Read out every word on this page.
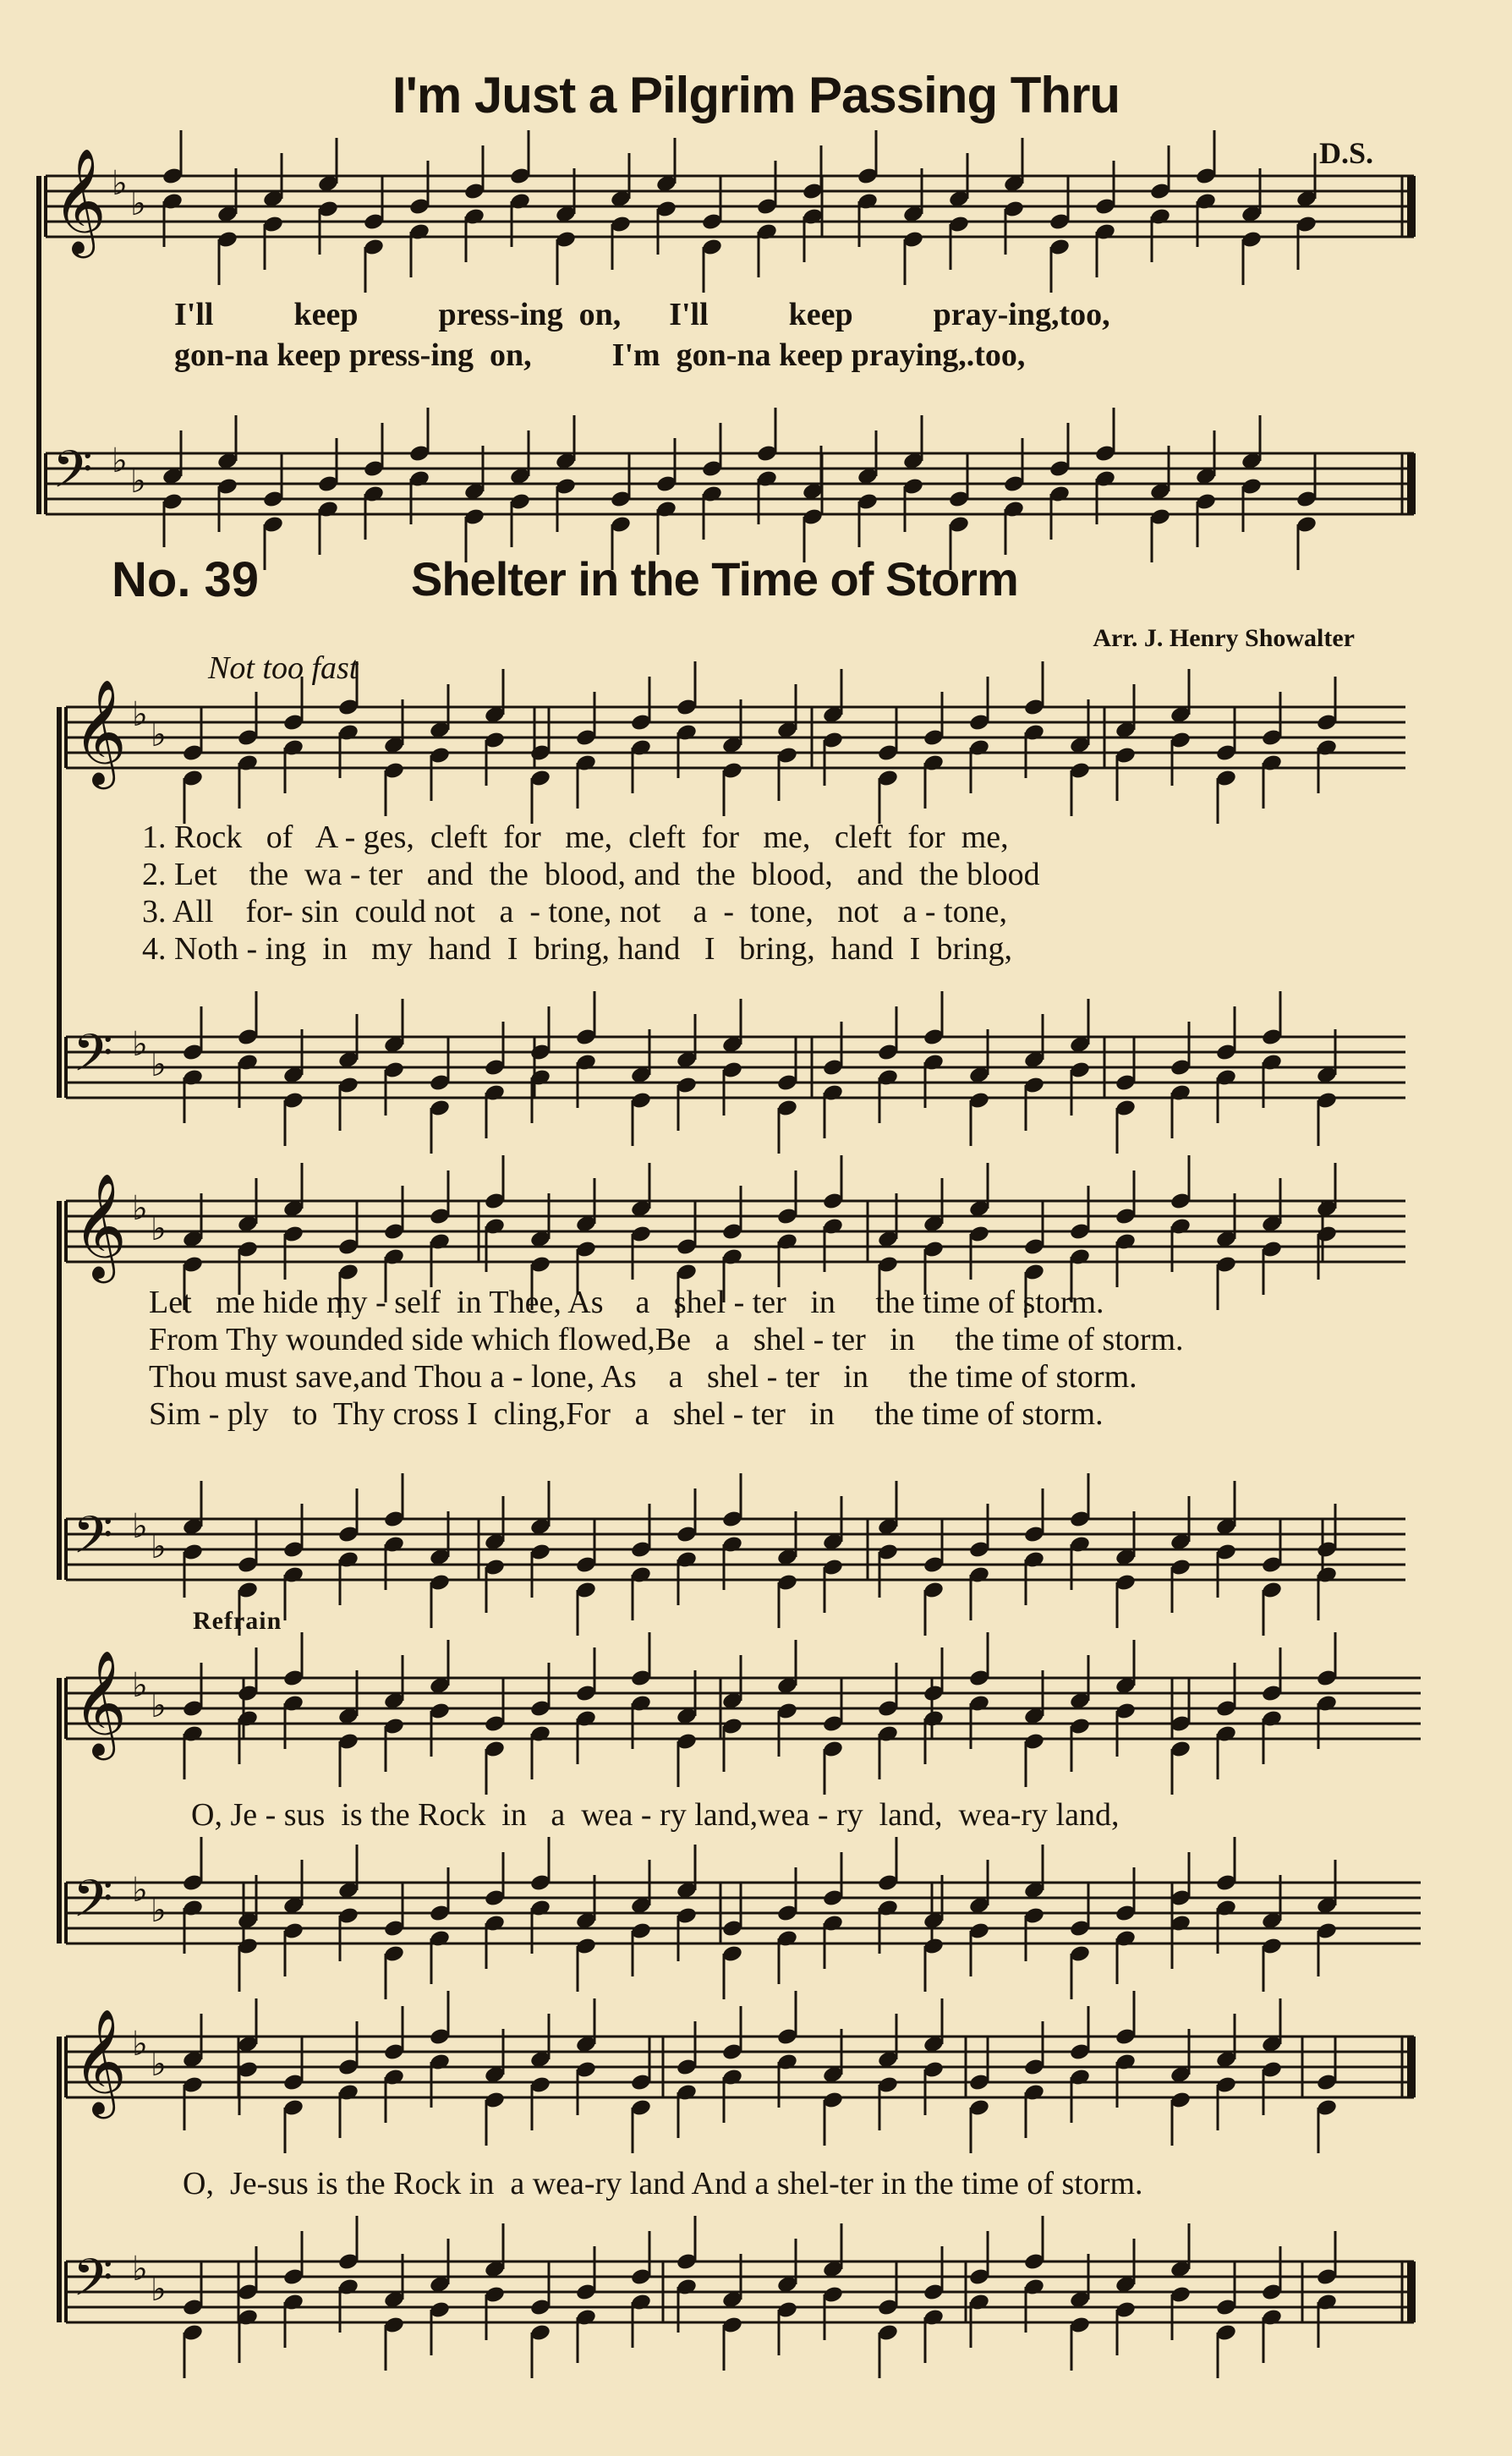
I'm Just a Pilgrim Passing Thru
D.S.
I'll          keep          press-ing  on,      I'll          keep          pray-ing,too,
gon-na keep press-ing  on,          I'm  gon-na keep praying,.too,
No. 39	Shelter in the Time of Storm
Arr. J. Henry Showalter
Not too fast
1. Rock   of   A - ges,  cleft  for   me,  cleft  for   me,   cleft  for  me,
2. Let    the  wa - ter   and  the  blood, and  the  blood,   and  the blood
3. All    for- sin  could not   a  - tone, not    a  -  tone,   not   a - tone,
4. Noth - ing  in   my  hand  I  bring, hand   I   bring,  hand  I  bring,
Let   me hide my - self  in Thee, As    a   shel - ter   in     the time of storm.
From Thy wounded side which flowed,Be   a   shel - ter   in     the time of storm.
Thou must save,and Thou a - lone, As    a   shel - ter   in     the time of storm.
Sim - ply   to  Thy cross I  cling,For   a   shel - ter   in     the time of storm.
Refrain
O, Je - sus  is the Rock  in   a  wea - ry land,wea - ry  land,  wea-ry land,
O,  Je-sus is the Rock in  a wea-ry land And a shel-ter in the time of storm.
𝄞 ♭
♭
𝄢 ♭
♭
𝄞 ♭
♭
𝄢 ♭
♭
𝄞 ♭
♭
𝄢 ♭
♭
𝄞 ♭
♭
𝄢 ♭
♭
𝄞 ♭
♭
𝄢 ♭
♭
